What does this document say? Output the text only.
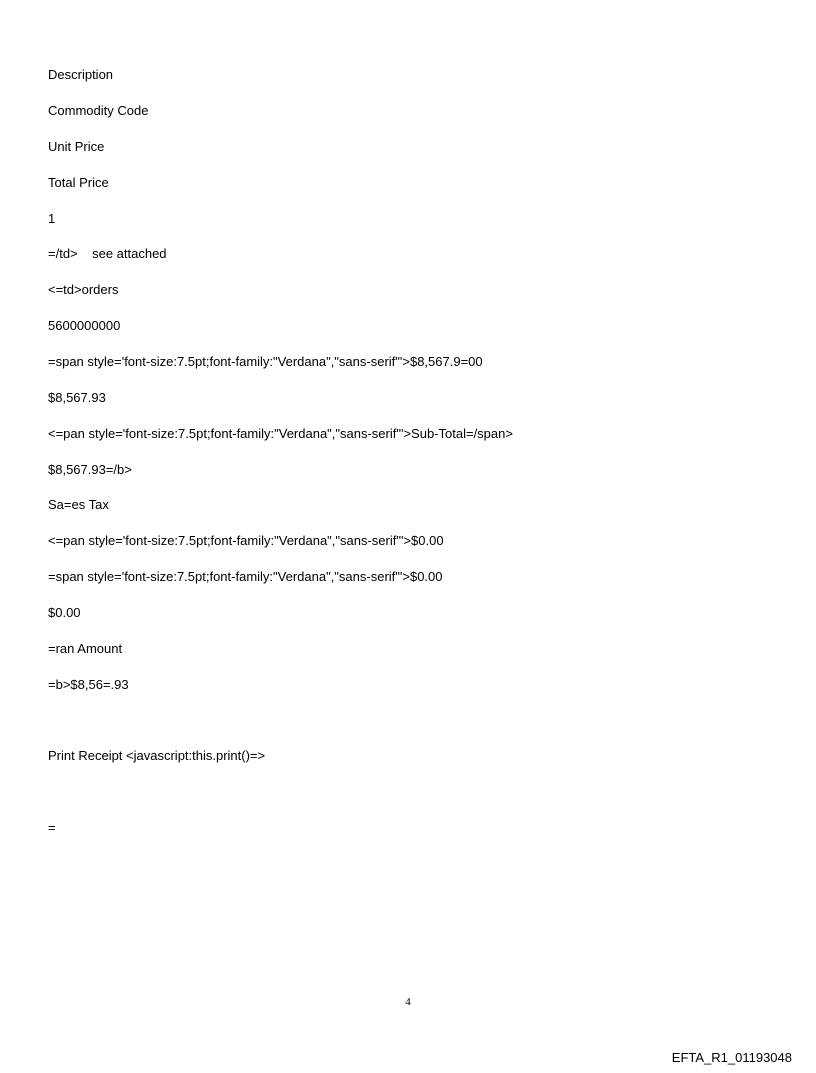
Description
Commodity Code
Unit Price
Total Price
1
=/td>    see attached
<=td>orders
5600000000
=span style='font-size:7.5pt;font-family:"Verdana","sans-serif"'>$8,567.9=00
$8,567.93
<=pan style='font-size:7.5pt;font-family:"Verdana","sans-serif"'>Sub-Total=/span>
$8,567.93=/b>
Sa=es Tax
<=pan style='font-size:7.5pt;font-family:"Verdana","sans-serif"'>$0.00
=span style='font-size:7.5pt;font-family:"Verdana","sans-serif"'>$0.00
$0.00
=ran Amount
=b>$8,56=.93
Print Receipt <javascript:this.print()=>
=
4
EFTA_R1_01193048
